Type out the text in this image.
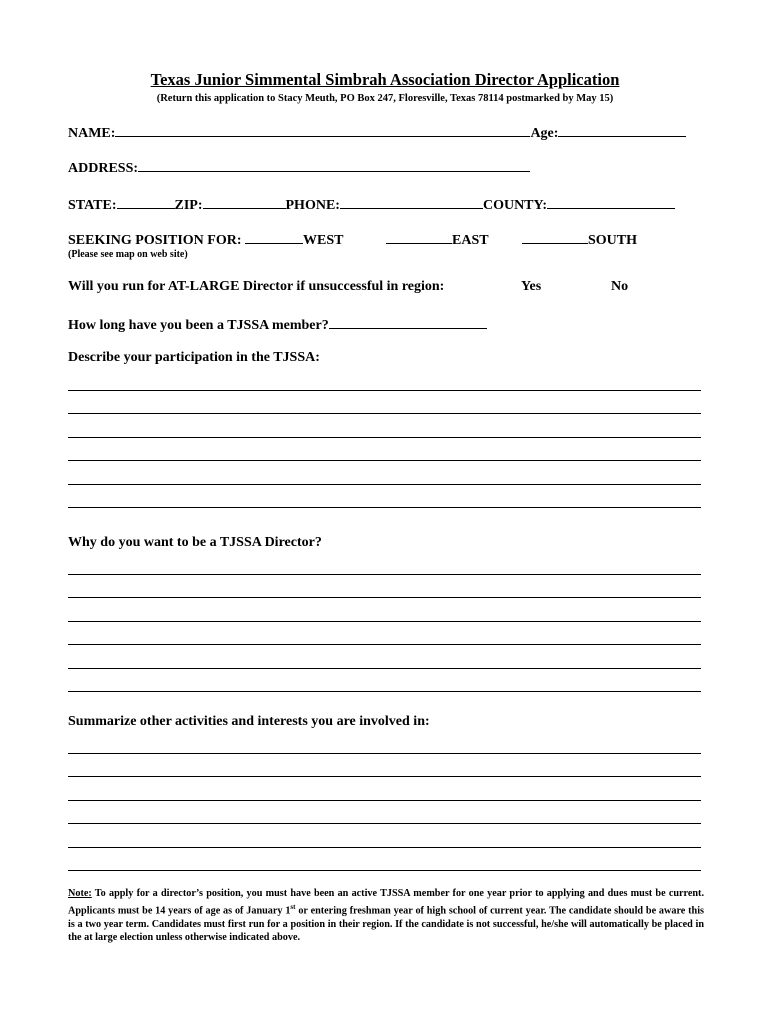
Texas Junior Simmental Simbrah Association Director Application
(Return this application to Stacy Meuth, PO Box 247, Floresville, Texas 78114 postmarked by May 15)
NAME:	Age:
ADDRESS:
STATE:	ZIP:	PHONE:	COUNTY:
SEEKING POSITION FOR:	WEST	EAST	SOUTH
(Please see map on web site)
Will you run for AT-LARGE Director if unsuccessful in region:	Yes	No
How long have you been a TJSSA member?
Describe your participation in the TJSSA:
Why do you want to be a TJSSA Director?
Summarize other activities and interests you are involved in:
Note: To apply for a director’s position, you must have been an active TJSSA member for one year prior to applying and dues must be current. Applicants must be 14 years of age as of January 1st or entering freshman year of high school of current year. The candidate should be aware this is a two year term. Candidates must first run for a position in their region. If the candidate is not successful, he/she will automatically be placed in the at large election unless otherwise indicated above.
